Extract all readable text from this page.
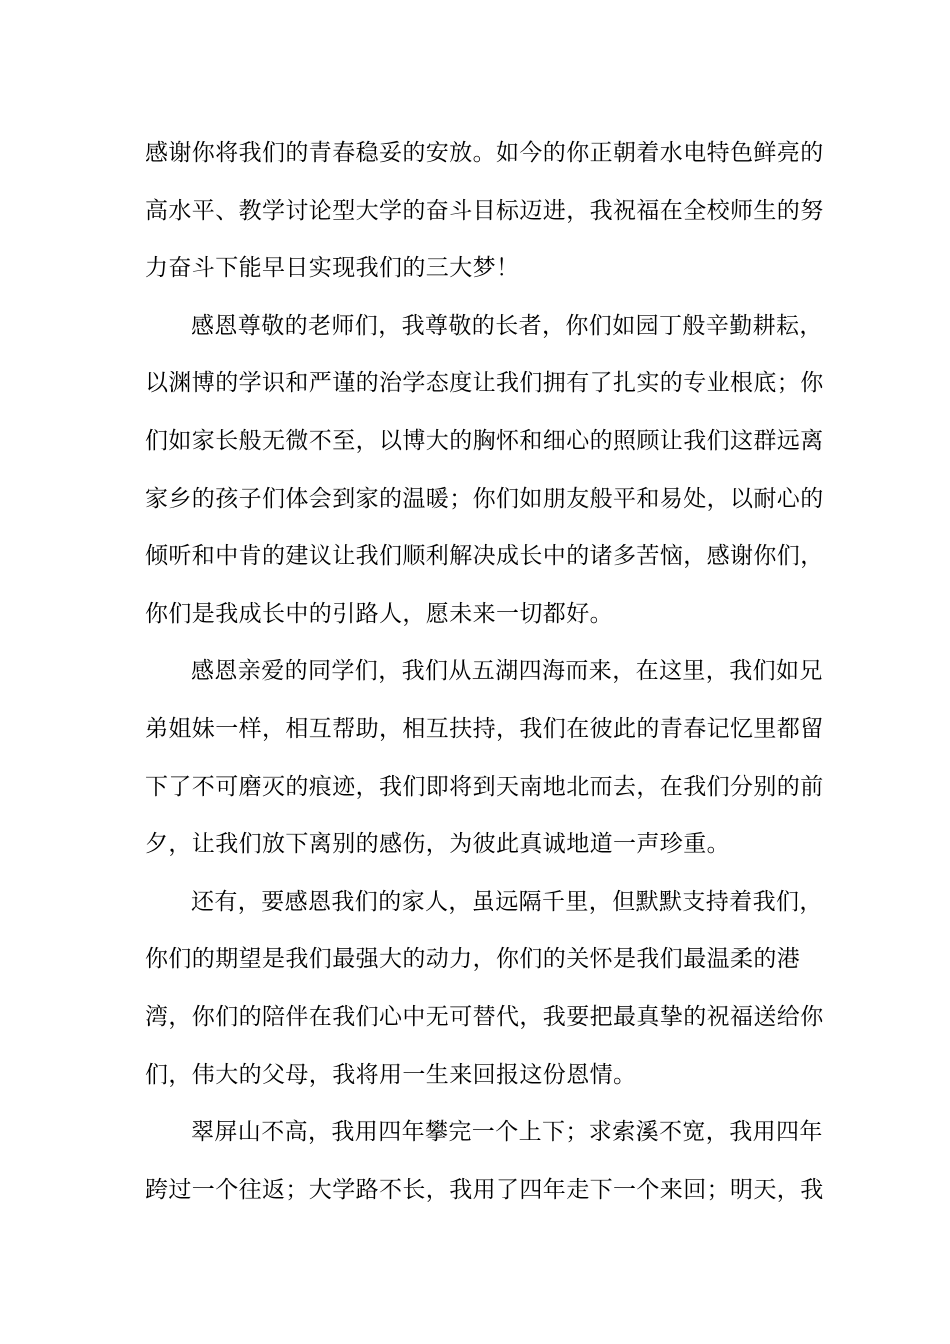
感谢你将我们的青春稳妥的安放。如今的你正朝着水电特色鲜亮的高水平、教学讨论型大学的奋斗目标迈进，我祝福在全校师生的努力奋斗下能早日实现我们的三大梦！

感恩尊敬的老师们，我尊敬的长者，你们如园丁般辛勤耕耘，以渊博的学识和严谨的治学态度让我们拥有了扎实的专业根底；你们如家长般无微不至，以博大的胸怀和细心的照顾让我们这群远离家乡的孩子们体会到家的温暖；你们如朋友般平和易处，以耐心的倾听和中肯的建议让我们顺利解决成长中的诸多苦恼，感谢你们，你们是我成长中的引路人，愿未来一切都好。

感恩亲爱的同学们，我们从五湖四海而来，在这里，我们如兄弟姐妹一样，相互帮助，相互扶持，我们在彼此的青春记忆里都留下了不可磨灭的痕迹，我们即将到天南地北而去，在我们分别的前夕，让我们放下离别的感伤，为彼此真诚地道一声珍重。

还有，要感恩我们的家人，虽远隔千里，但默默支持着我们，你们的期望是我们最强大的动力，你们的关怀是我们最温柔的港湾，你们的陪伴在我们心中无可替代，我要把最真挚的祝福送给你们，伟大的父母，我将用一生来回报这份恩情。

翠屏山不高，我用四年攀完一个上下；求索溪不宽，我用四年跨过一个往返；大学路不长，我用了四年走下一个来回；明天，我
